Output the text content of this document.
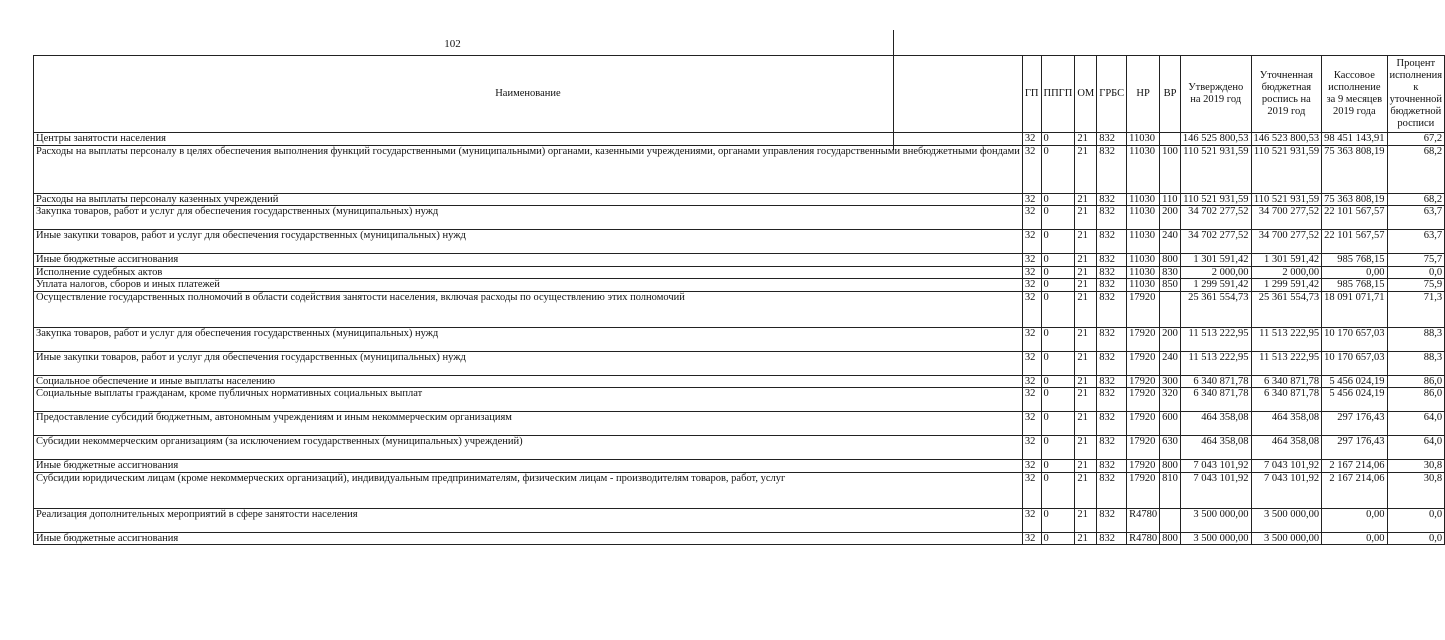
102
Наименование	ГП	ППГП	ОМ	ГРБС	НР	ВР	Утверждено на 2019 год	Уточненная бюджетная роспись на 2019 год	Кассовое исполнение за 9 месяцев 2019 года	Процент исполнения к уточненной бюджетной росписи
Центры занятости населения	32	0	21	832	11030		146 525 800,53	146 523 800,53	98 451 143,91	67,2
Расходы на выплаты персоналу в целях обеспечения выполнения функций государственными (муниципальными) органами, казенными учреждениями, органами управления государственными внебюджетными фондами	32	0	21	832	11030	100	110 521 931,59	110 521 931,59	75 363 808,19	68,2
Расходы на выплаты персоналу казенных учреждений	32	0	21	832	11030	110	110 521 931,59	110 521 931,59	75 363 808,19	68,2
Закупка товаров, работ и услуг для обеспечения государственных (муниципальных) нужд	32	0	21	832	11030	200	34 702 277,52	34 700 277,52	22 101 567,57	63,7
Иные закупки товаров, работ и услуг для обеспечения государственных (муниципальных) нужд	32	0	21	832	11030	240	34 702 277,52	34 700 277,52	22 101 567,57	63,7
Иные бюджетные ассигнования	32	0	21	832	11030	800	1 301 591,42	1 301 591,42	985 768,15	75,7
Исполнение судебных актов	32	0	21	832	11030	830	2 000,00	2 000,00	0,00	0,0
Уплата налогов, сборов и иных платежей	32	0	21	832	11030	850	1 299 591,42	1 299 591,42	985 768,15	75,9
Осуществление государственных полномочий в области содействия занятости населения, включая расходы по осуществлению этих полномочий	32	0	21	832	17920		25 361 554,73	25 361 554,73	18 091 071,71	71,3
Закупка товаров, работ и услуг для обеспечения государственных (муниципальных) нужд	32	0	21	832	17920	200	11 513 222,95	11 513 222,95	10 170 657,03	88,3
Иные закупки товаров, работ и услуг для обеспечения государственных (муниципальных) нужд	32	0	21	832	17920	240	11 513 222,95	11 513 222,95	10 170 657,03	88,3
Социальное обеспечение и иные выплаты населению	32	0	21	832	17920	300	6 340 871,78	6 340 871,78	5 456 024,19	86,0
Социальные выплаты гражданам, кроме публичных нормативных социальных выплат	32	0	21	832	17920	320	6 340 871,78	6 340 871,78	5 456 024,19	86,0
Предоставление субсидий бюджетным, автономным учреждениям и иным некоммерческим организациям	32	0	21	832	17920	600	464 358,08	464 358,08	297 176,43	64,0
Субсидии некоммерческим организациям (за исключением государственных (муниципальных) учреждений)	32	0	21	832	17920	630	464 358,08	464 358,08	297 176,43	64,0
Иные бюджетные ассигнования	32	0	21	832	17920	800	7 043 101,92	7 043 101,92	2 167 214,06	30,8
Субсидии юридическим лицам (кроме некоммерческих организаций), индивидуальным предпринимателям, физическим лицам - производителям товаров, работ, услуг	32	0	21	832	17920	810	7 043 101,92	7 043 101,92	2 167 214,06	30,8
Реализация дополнительных мероприятий в сфере занятости населения	32	0	21	832	R4780		3 500 000,00	3 500 000,00	0,00	0,0
Иные бюджетные ассигнования	32	0	21	832	R4780	800	3 500 000,00	3 500 000,00	0,00	0,0
